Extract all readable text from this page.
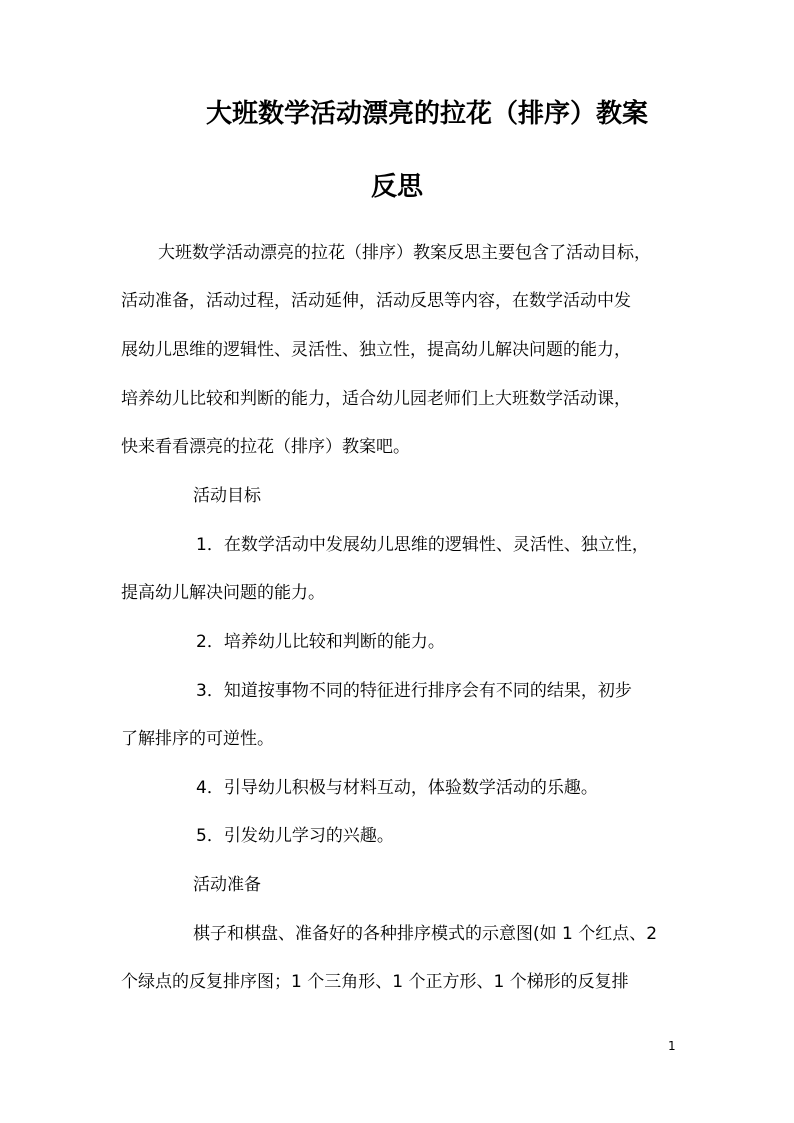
大班数学活动漂亮的拉花（排序）教案
反思
大班数学活动漂亮的拉花（排序）教案反思主要包含了活动目标，
活动准备，活动过程，活动延伸，活动反思等内容，在数学活动中发
展幼儿思维的逻辑性、灵活性、独立性，提高幼儿解决问题的能力，
培养幼儿比较和判断的能力，适合幼儿园老师们上大班数学活动课，
快来看看漂亮的拉花（排序）教案吧。
活动目标
1．在数学活动中发展幼儿思维的逻辑性、灵活性、独立性，
提高幼儿解决问题的能力。
2．培养幼儿比较和判断的能力。
3．知道按事物不同的特征进行排序会有不同的结果，初步
了解排序的可逆性。
4．引导幼儿积极与材料互动，体验数学活动的乐趣。
5．引发幼儿学习的兴趣。
活动准备
棋子和棋盘、准备好的各种排序模式的示意图(如 1 个红点、2
个绿点的反复排序图；1 个三角形、1 个正方形、1 个梯形的反复排
1
